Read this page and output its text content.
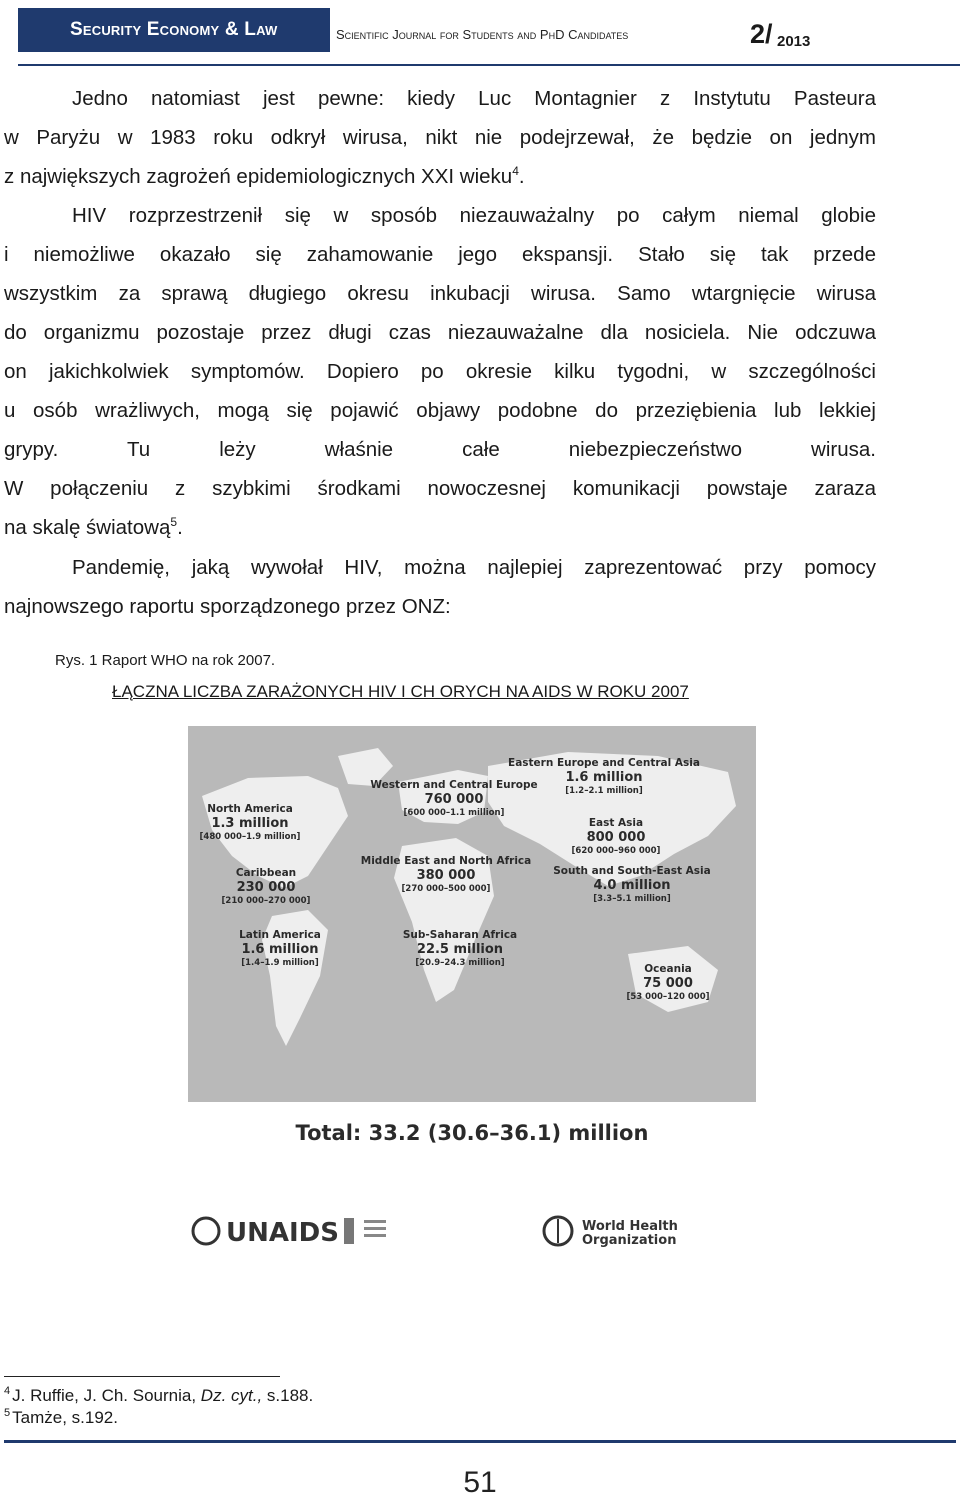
Security Economy & Law	Scientific Journal for Students and PhD Candidates	2/ 2013
Jedno natomiast jest pewne: kiedy Luc Montagnier z Instytutu Pasteura
w Paryżu w 1983 roku odkrył wirusa, nikt nie podejrzewał, że będzie on jednym
z największych zagrożeń epidemiologicznych XXI wieku$^4$.
HIV rozprzestrzenił się w sposób niezauważalny po całym niemal globie
i niemożliwe okazało się zahamowanie jego ekspansji. Stało się tak przede
wszystkim za sprawą długiego okresu inkubacji wirusa. Samo wtargnięcie wirusa
do organizmu pozostaje przez długi czas niezauważalne dla nosiciela. Nie odczuwa
on jakichkolwiek symptomów. Dopiero po okresie kilku tygodni, w szczególności
u osób wrażliwych, mogą się pojawić objawy podobne do przeziębienia lub lekkiej
grypy. Tu leży właśnie całe niebezpieczeństwo wirusa.
W połączeniu z szybkimi środkami nowoczesnej komunikacji powstaje zaraza
na skalę światową$^5$.
Pandemię, jaką wywołał HIV, można najlepiej zaprezentować przy pomocy
najnowszego raportu sporządzonego przez ONZ:
Rys. 1 Raport WHO na rok 2007.
ŁĄCZNA LICZBA ZARAŻONYCH HIV I CH ORYCH NA AIDS W ROKU 2007
North America
1.3 million
[480 000–1.9 million]
Caribbean
230 000
[210 000–270 000]
Latin America
1.6 million
[1.4–1.9 million]
Western and Central Europe
760 000
[600 000–1.1 million]
Middle East and North Africa
380 000
[270 000–500 000]
Sub-Saharan Africa
22.5 million
[20.9–24.3 million]
Eastern Europe and Central Asia
1.6 million
[1.2–2.1 million]
East Asia
800 000
[620 000–960 000]
South and South-East Asia
4.0 million
[3.3–5.1 million]
Oceania
75 000
[53 000–120 000]
Total: 33.2 (30.6–36.1) million
UNAIDS	World Health
Organization
$^4$ J. Ruffie, J. Ch. Sournia, Dz. cyt., s.188.
$^5$ Tamże, s.192.
51
